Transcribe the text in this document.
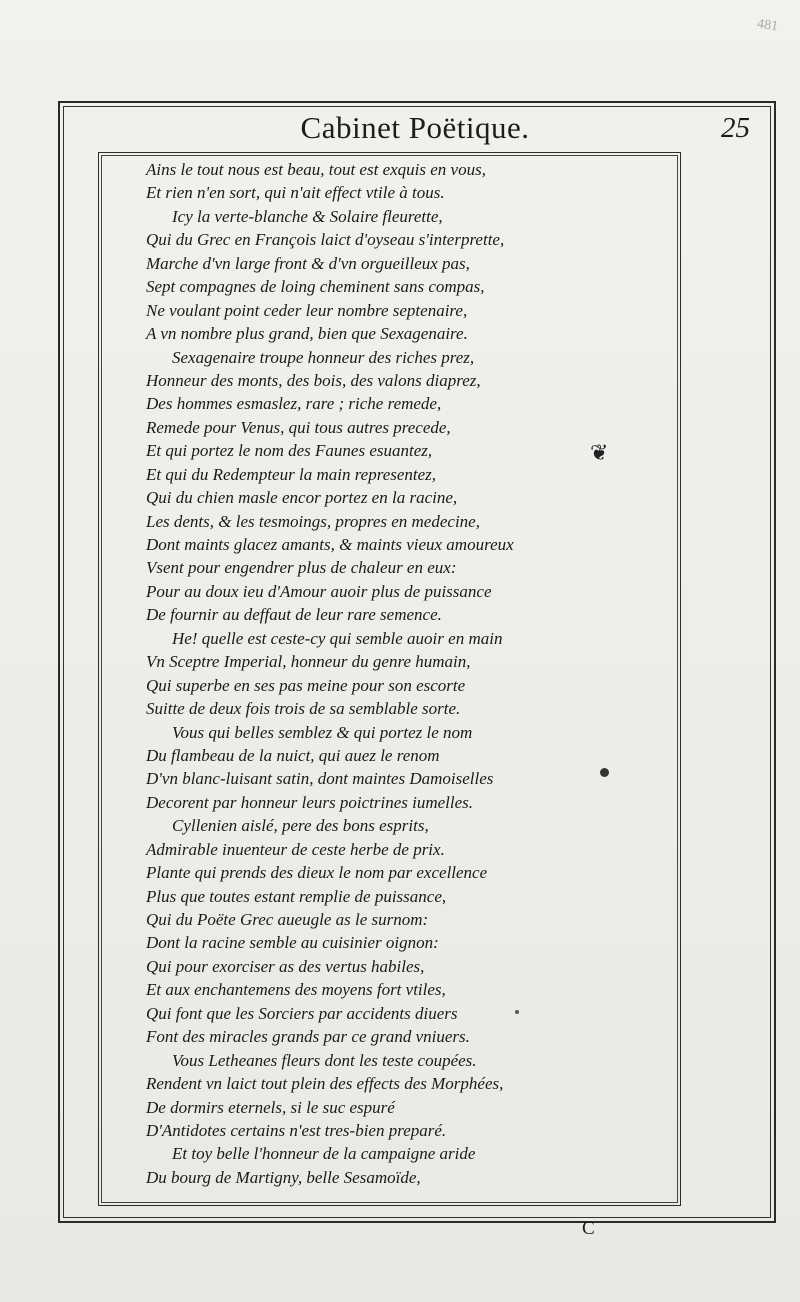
481
Cabinet Poëtique.	25
Ains le tout nous est beau, tout est exquis en vous,
Et rien n'en sort, qui n'ait effect vtile à tous.
Icy la verte-blanche & Solaire fleurette,
Qui du Grec en François laict d'oyseau s'interprette,
Marche d'vn large front & d'vn orgueilleux pas,
Sept compagnes de loing cheminent sans compas,
Ne voulant point ceder leur nombre septenaire,
A vn nombre plus grand, bien que Sexagenaire.
Sexagenaire troupe honneur des riches prez,
Honneur des monts, des bois, des valons diaprez,
Des hommes esmaslez, rare ; riche remede,
Remede pour Venus, qui tous autres precede,
Et qui portez le nom des Faunes esuantez,
Et qui du Redempteur la main representez,
Qui du chien masle encor portez en la racine,
Les dents, & les tesmoings, propres en medecine,
Dont maints glacez amants, & maints vieux amoureux
Vsent pour engendrer plus de chaleur en eux:
Pour au doux ieu d'Amour auoir plus de puissance
De fournir au deffaut de leur rare semence.
He! quelle est ceste-cy qui semble auoir en main
Vn Sceptre Imperial, honneur du genre humain,
Qui superbe en ses pas meine pour son escorte
Suitte de deux fois trois de sa semblable sorte.
Vous qui belles semblez & qui portez le nom
Du flambeau de la nuict, qui auez le renom
D'vn blanc-luisant satin, dont maintes Damoiselles
Decorent par honneur leurs poictrines iumelles.
Cyllenien aislé, pere des bons esprits,
Admirable inuenteur de ceste herbe de prix.
Plante qui prends des dieux le nom par excellence
Plus que toutes estant remplie de puissance,
Qui du Poëte Grec aueugle as le surnom:
Dont la racine semble au cuisinier oignon:
Qui pour exorciser as des vertus habiles,
Et aux enchantemens des moyens fort vtiles,
Qui font que les Sorciers par accidents diuers
Font des miracles grands par ce grand vniuers.
Vous Letheanes fleurs dont les teste coupées.
Rendent vn laict tout plein des effects des Morphées,
De dormirs eternels, si le suc espuré
D'Antidotes certains n'est tres-bien preparé.
Et toy belle l'honneur de la campaigne aride
Du bourg de Martigny, belle Sesamoïde,
❦
C
